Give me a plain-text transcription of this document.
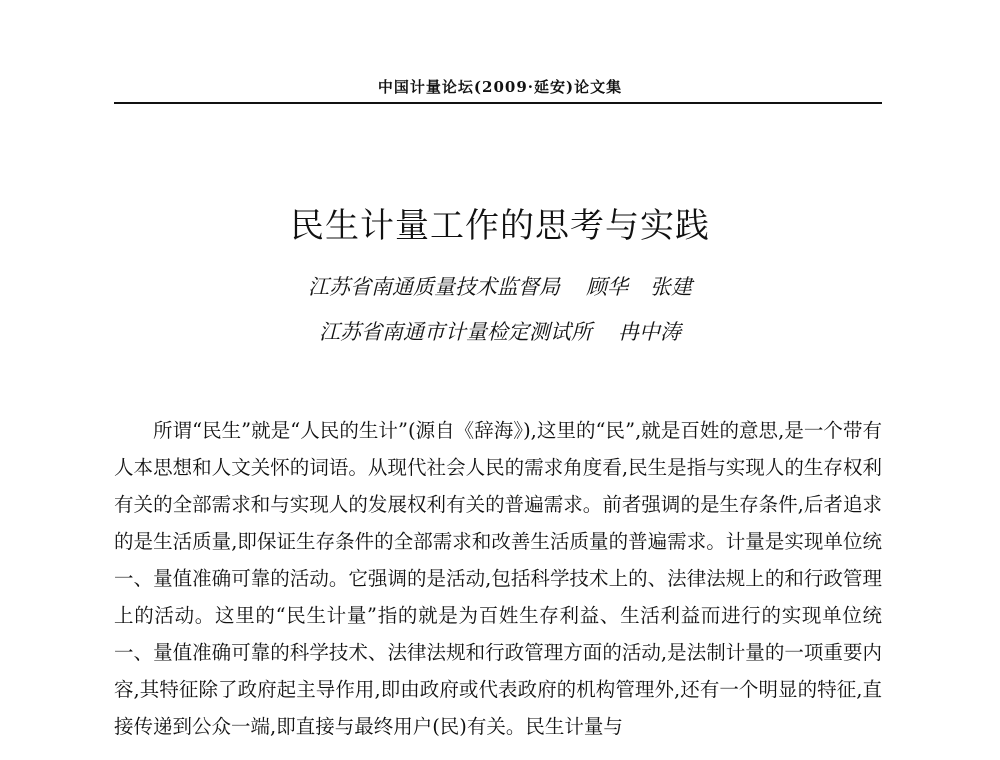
中国计量论坛(2009·延安)论文集
民生计量工作的思考与实践
江苏省南通质量技术监督局 顾华 张建
江苏省南通市计量检定测试所 冉中涛

所谓“民生”就是“人民的生计”(源自《辞海》),这里的“民”,就是百姓的意思,是一个带有人本思想和人文关怀的词语。从现代社会人民的需求角度看,民生是指与实现人的生存权利有关的全部需求和与实现人的发展权利有关的普遍需求。前者强调的是生存条件,后者追求的是生活质量,即保证生存条件的全部需求和改善生活质量的普遍需求。计量是实现单位统一、量值准确可靠的活动。它强调的是活动,包括科学技术上的、法律法规上的和行政管理上的活动。这里的“民生计量”指的就是为百姓生存利益、生活利益而进行的实现单位统一、量值准确可靠的科学技术、法律法规和行政管理方面的活动,是法制计量的一项重要内容,其特征除了政府起主导作用,即由政府或代表政府的机构管理外,还有一个明显的特征,直接传递到公众一端,即直接与最终用户(民)有关。民生计量与
